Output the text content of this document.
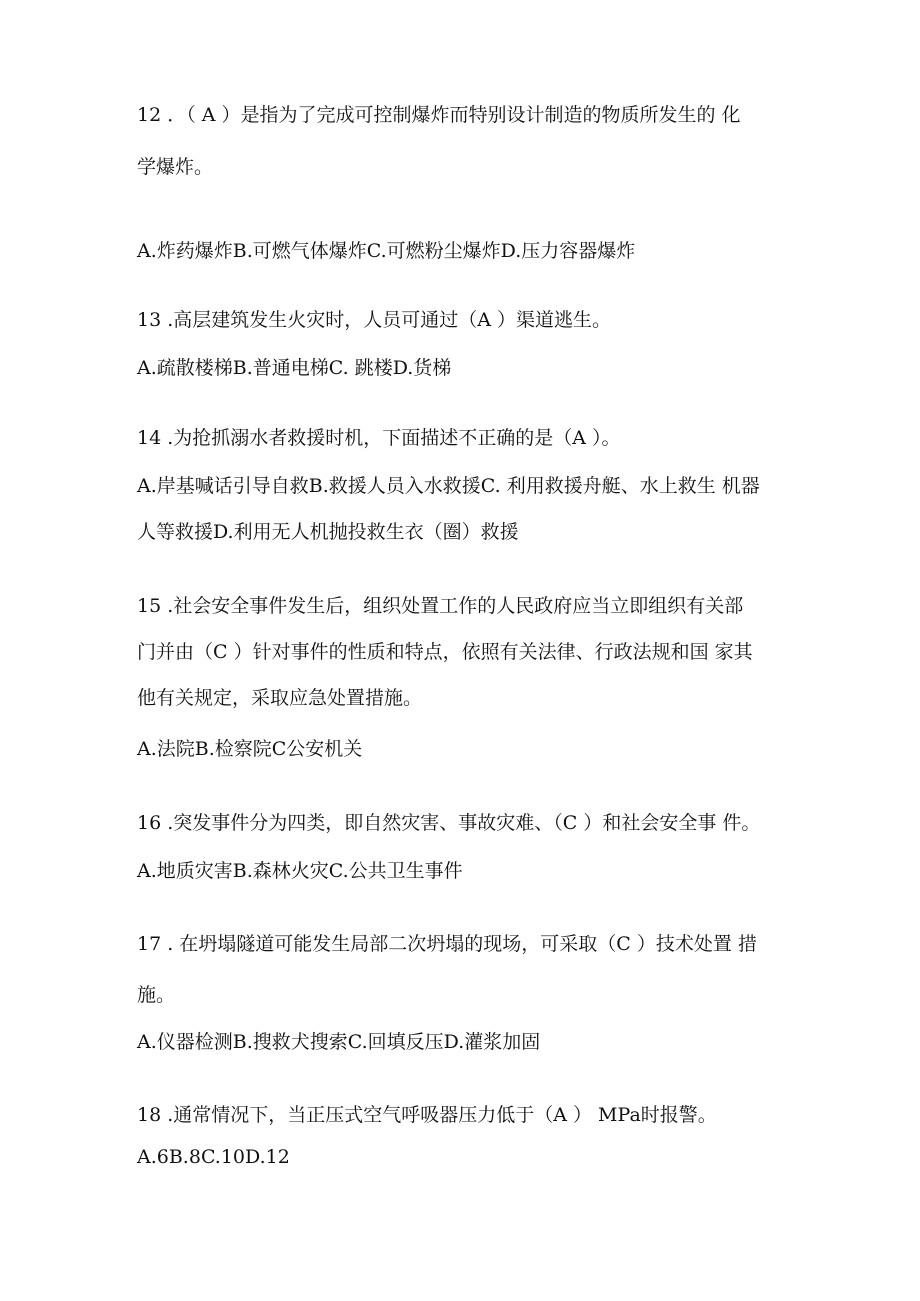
12 ．（ A ）是指为了完成可控制爆炸而特别设计制造的物质所发生的 化
学爆炸。
A.炸药爆炸B.可燃气体爆炸C.可燃粉尘爆炸D.压力容器爆炸
13 .高层建筑发生火灾时，人员可通过（A ）渠道逃生。
A.疏散楼梯B.普通电梯C. 跳楼D.货梯
14 .为抢抓溺水者救援时机，下面描述不正确的是（A ）。
A.岸基喊话引导自救B.救援人员入水救援C. 利用救援舟艇、水上救生 机器
人等救援D.利用无人机抛投救生衣（圈）救援
15 .社会安全事件发生后，组织处置工作的人民政府应当立即组织有关部
门并由（C ）针对事件的性质和特点，依照有关法律、行政法规和国 家其
他有关规定，采取应急处置措施。
A.法院B.检察院C公安机关
16 .突发事件分为四类，即自然灾害、事故灾难、（C ）和社会安全事 件。
A.地质灾害B.森林火灾C.公共卫生事件
17 . 在坍塌隧道可能发生局部二次坍塌的现场，可采取（C ）技术处置 措
施。
A.仪器检测B.搜救犬搜索C.回填反压D.灌浆加固
18 .通常情况下，当正压式空气呼吸器压力低于（A ） MPa时报警。
A.6B.8C.10D.12
